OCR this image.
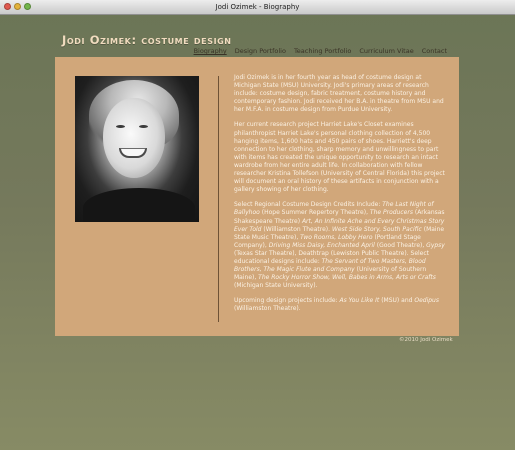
Jodi Ozimek - Biography
Jodi Ozimek: costume design
Biography Design Portfolio Teaching Portfolio Curriculum Vitae Contact

Jodi Ozimek is in her fourth year as head of costume design at Michigan State (MSU) University. Jodi's primary areas of research include: costume design, fabric treatment, costume history and contemporary fashion. Jodi received her B.A. in theatre from MSU and her M.F.A. in costume design from Purdue University.

Her current research project Harriet Lake's Closet examines philanthropist Harriet Lake's personal clothing collection of 4,500 hanging items, 1,600 hats and 450 pairs of shoes. Harriett's deep connection to her clothing, sharp memory and unwillingness to part with items has created the unique opportunity to research an intact wardrobe from her entire adult life. In collaboration with fellow researcher Kristina Tollefson (University of Central Florida) this project will document an oral history of these artifacts in conjunction with a gallery showing of her clothing.

Select Regional Costume Design Credits Include: The Last Night of Ballyhoo (Hope Summer Repertory Theatre), The Producers (Arkansas Shakespeare Theatre) Art, An Infinite Ache and Every Christmas Story Ever Told (Williamston Theatre). West Side Story, South Pacific (Maine State Music Theatre), Two Rooms, Lobby Hero (Portland Stage Company), Driving Miss Daisy, Enchanted April (Good Theatre), Gypsy (Texas Star Theatre), Deathtrap (Lewiston Public Theatre). Select educational designs include: The Servant of Two Masters, Blood Brothers, The Magic Flute and Company (University of Southern Maine), The Rocky Horror Show, Well, Babes in Arms, Arts or Crafts (Michigan State University).

Upcoming design projects include: As You Like It (MSU) and Oedipus (Williamston Theatre).

©2010 Jodi Ozimek
